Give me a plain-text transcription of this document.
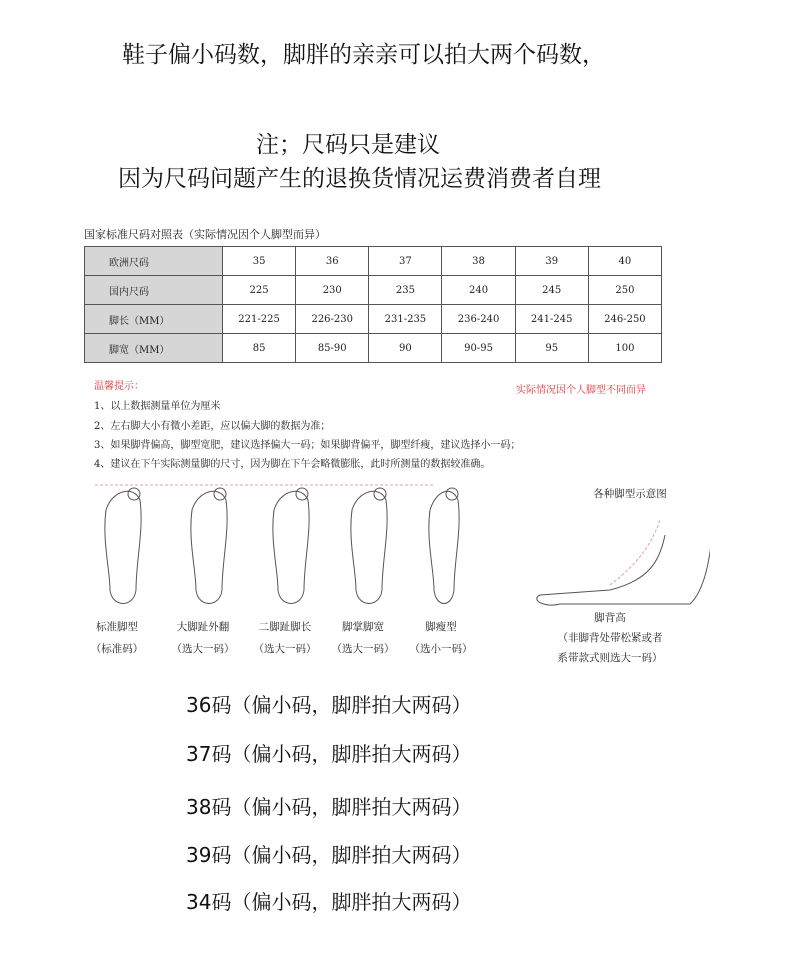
鞋子偏小码数，脚胖的亲亲可以拍大两个码数，
注；尺码只是建议
因为尺码问题产生的退换货情况运费消费者自理
国家标准尺码对照表（实际情况因个人脚型而异）
欧洲尺码	35	36	37	38	39	40
国内尺码	225	230	235	240	245	250
脚长（MM）	221-225	226-230	231-235	236-240	241-245	246-250
脚宽（MM）	85	85-90	90	90-95	95	100
温馨提示：	实际情况因个人脚型不同而异
1、以上数据测量单位为厘米
2、左右脚大小有微小差距，应以偏大脚的数据为准；
3、如果脚背偏高，脚型宽肥，建议选择偏大一码；如果脚背偏平，脚型纤瘦，建议选择小一码；
4、建议在下午实际测量脚的尺寸，因为脚在下午会略微膨胀，此时所测量的数据较准确。
标准脚型
（标准码）
大脚趾外翻
（选大一码）
二脚趾脚长
（选大一码）
脚掌脚宽
（选大一码）
脚瘦型
（选小一码）
各种脚型示意图
脚背高
（非脚背处带松紧或者
系带款式则选大一码）
36码（偏小码，脚胖拍大两码）
37码（偏小码，脚胖拍大两码）
38码（偏小码，脚胖拍大两码）
39码（偏小码，脚胖拍大两码）
34码（偏小码，脚胖拍大两码）
